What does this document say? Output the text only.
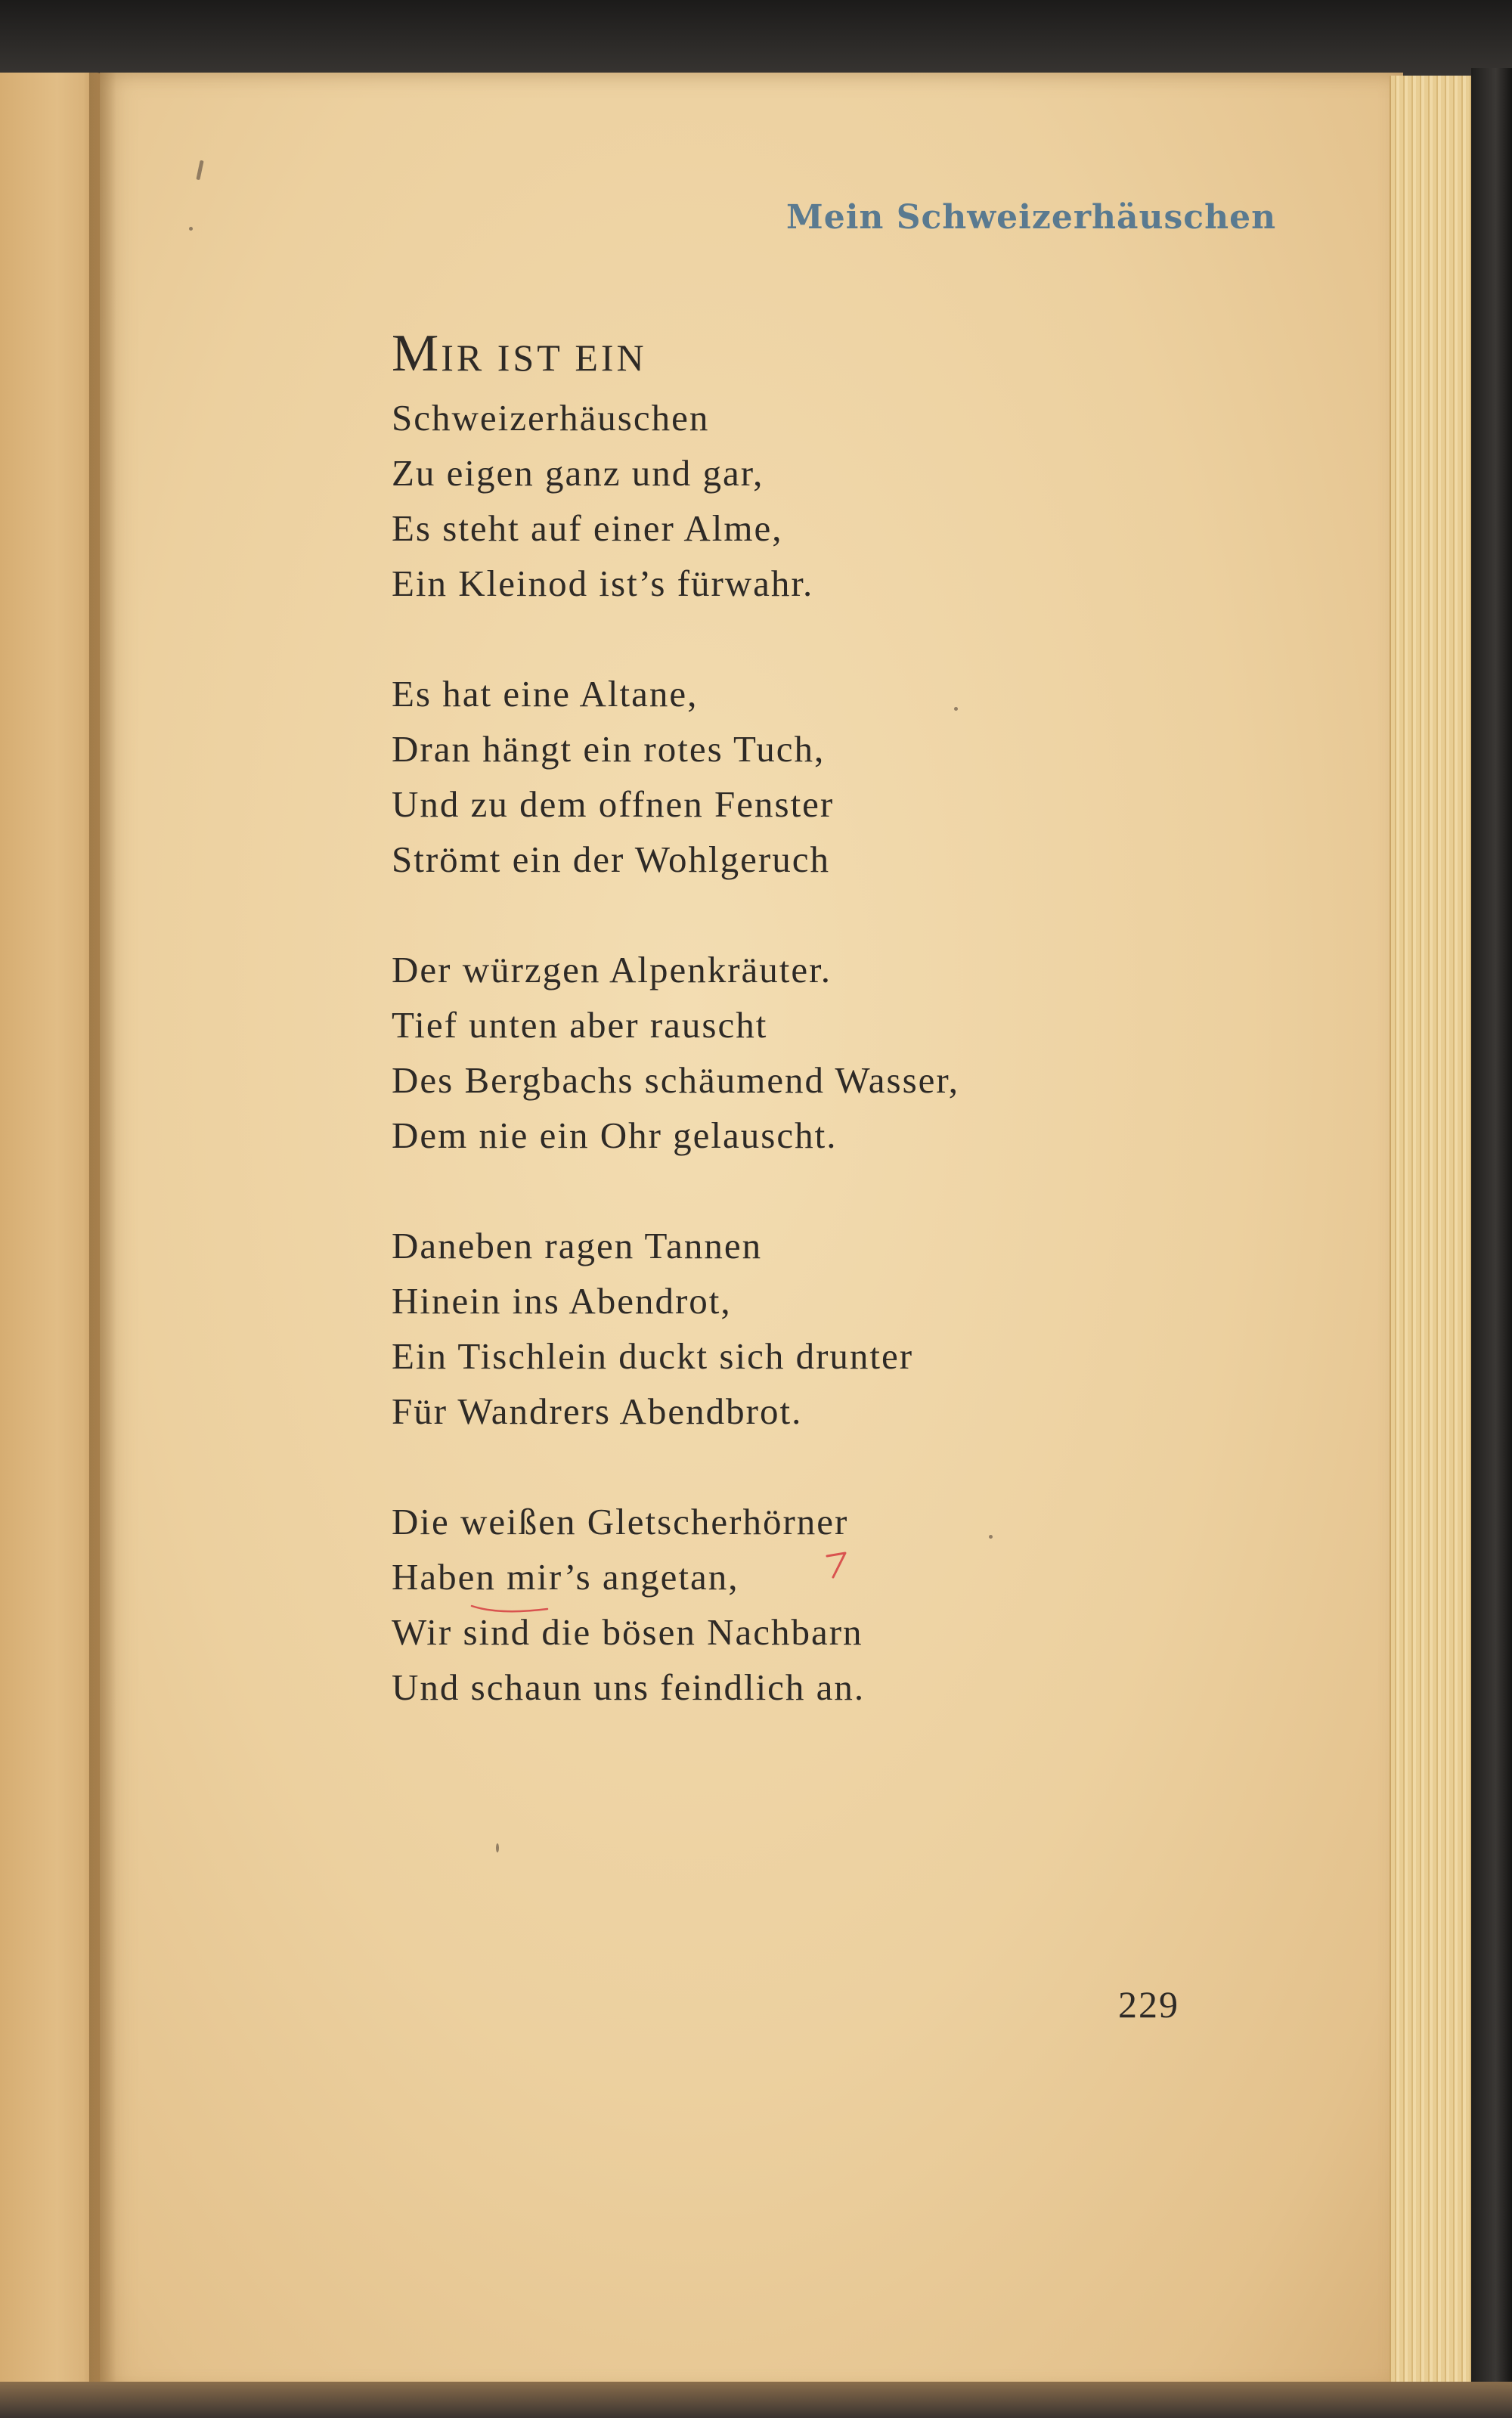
Mein Schweizerhäuschen
MIR IST EIN
Schweizerhäuschen
Zu eigen ganz und gar,
Es steht auf einer Alme,
Ein Kleinod ist’s fürwahr.
Es hat eine Altane,
Dran hängt ein rotes Tuch,
Und zu dem offnen Fenster
Strömt ein der Wohlgeruch
Der würzgen Alpenkräuter.
Tief unten aber rauscht
Des Bergbachs schäumend Wasser,
Dem nie ein Ohr gelauscht.
Daneben ragen Tannen
Hinein ins Abendrot,
Ein Tischlein duckt sich drunter
Für Wandrers Abendbrot.
Die weißen Gletscherhörner
Haben mir’s angetan,
Wir sind die bösen Nachbarn
Und schaun uns feindlich an.
229
